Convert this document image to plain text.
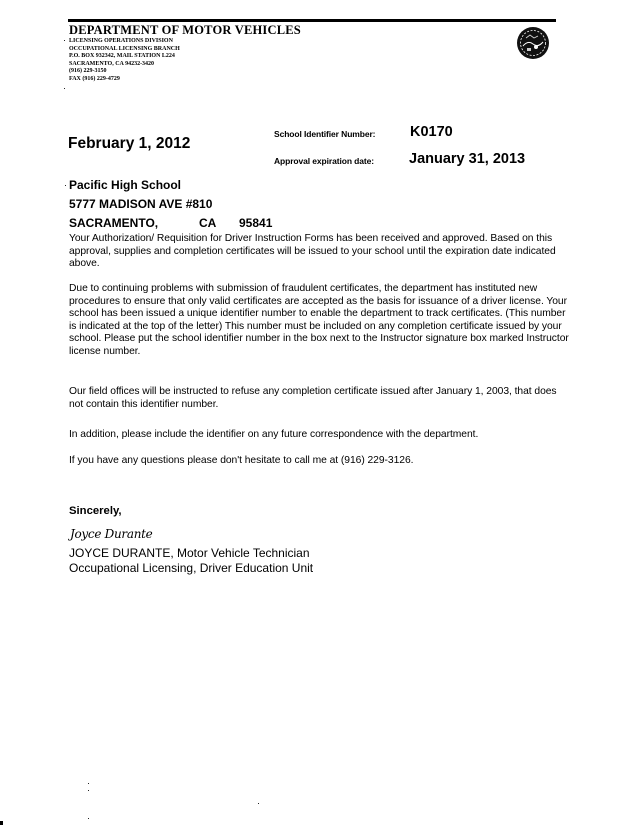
DEPARTMENT OF MOTOR VEHICLES
LICENSING OPERATIONS DIVISION
OCCUPATIONAL LICENSING BRANCH
P.O. BOX 932342, MAIL STATION L224
SACRAMENTO, CA 94232-3420
(916) 229-3150
FAX (916) 229-4729
February 1, 2012
School Identifier Number: K0170
Approval expiration date: January 31, 2013
Pacific High School
5777 MADISON AVE #810
SACRAMENTO,	CA	95841
Your Authorization/ Requisition for Driver Instruction Forms has been received and approved. Based on this approval, supplies and completion certificates will be issued to your school until the expiration date indicated above.
Due to continuing problems with submission of fraudulent certificates, the department has instituted new procedures to ensure that only valid certificates are accepted as the basis for issuance of a driver license. Your school has been issued a unique identifier number to enable the department to track certificates. (This number is indicated at the top of the letter) This number must be included on any completion certificate issued by your school. Please put the school identifier number in the box next to the Instructor signature box marked Instructor license number.
Our field offices will be instructed to refuse any completion certificate issued after January 1, 2003, that does not contain this identifier number.
In addition, please include the identifier on any future correspondence with the department.
If you have any questions please don't hesitate to call me at (916) 229-3126.
Sincerely,
Joyce Durante
JOYCE DURANTE, Motor Vehicle Technician
Occupational Licensing, Driver Education Unit
